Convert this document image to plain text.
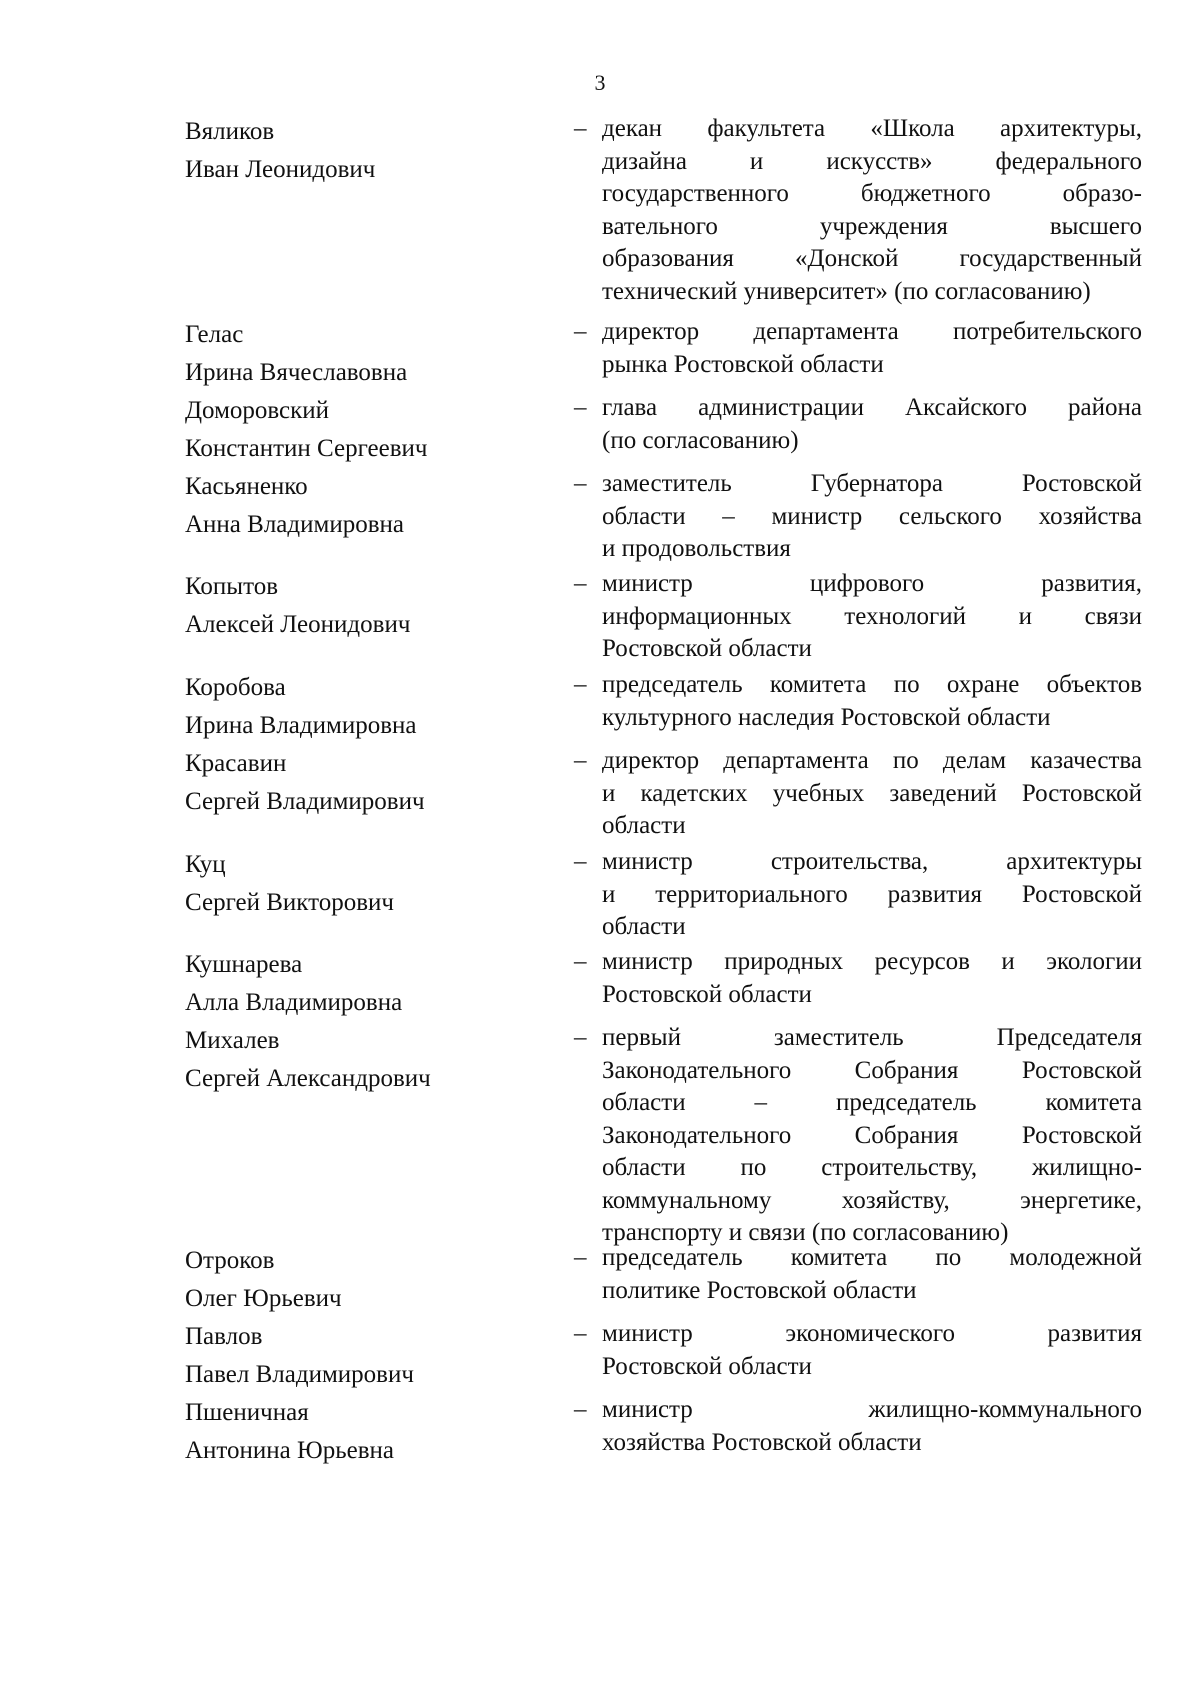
3
Вяликов
Иван Леонидович
– декан факультета «Школа архитектуры,
дизайна и искусств» федерального
государственного бюджетного образо-
вательного учреждения высшего
образования «Донской государственный
технический университет» (по согласованию)
Гелас
Ирина Вячеславовна
– директор департамента потребительского
рынка Ростовской области
Доморовский
Константин Сергеевич
– глава администрации Аксайского района
(по согласованию)
Касьяненко
Анна Владимировна
– заместитель Губернатора Ростовской
области – министр сельского хозяйства
и продовольствия
Копытов
Алексей Леонидович
– министр цифрового развития,
информационных технологий и связи
Ростовской области
Коробова
Ирина Владимировна
– председатель комитета по охране объектов
культурного наследия Ростовской области
Красавин
Сергей Владимирович
– директор департамента по делам казачества
и кадетских учебных заведений Ростовской
области
Куц
Сергей Викторович
– министр строительства, архитектуры
и территориального развития Ростовской
области
Кушнарева
Алла Владимировна
– министр природных ресурсов и экологии
Ростовской области
Михалев
Сергей Александрович
– первый заместитель Председателя
Законодательного Собрания Ростовской
области – председатель комитета
Законодательного Собрания Ростовской
области по строительству, жилищно-
коммунальному хозяйству, энергетике,
транспорту и связи (по согласованию)
Отроков
Олег Юрьевич
– председатель комитета по молодежной
политике Ростовской области
Павлов
Павел Владимирович
– министр экономического развития
Ростовской области
Пшеничная
Антонина Юрьевна
– министр жилищно-коммунального
хозяйства Ростовской области
